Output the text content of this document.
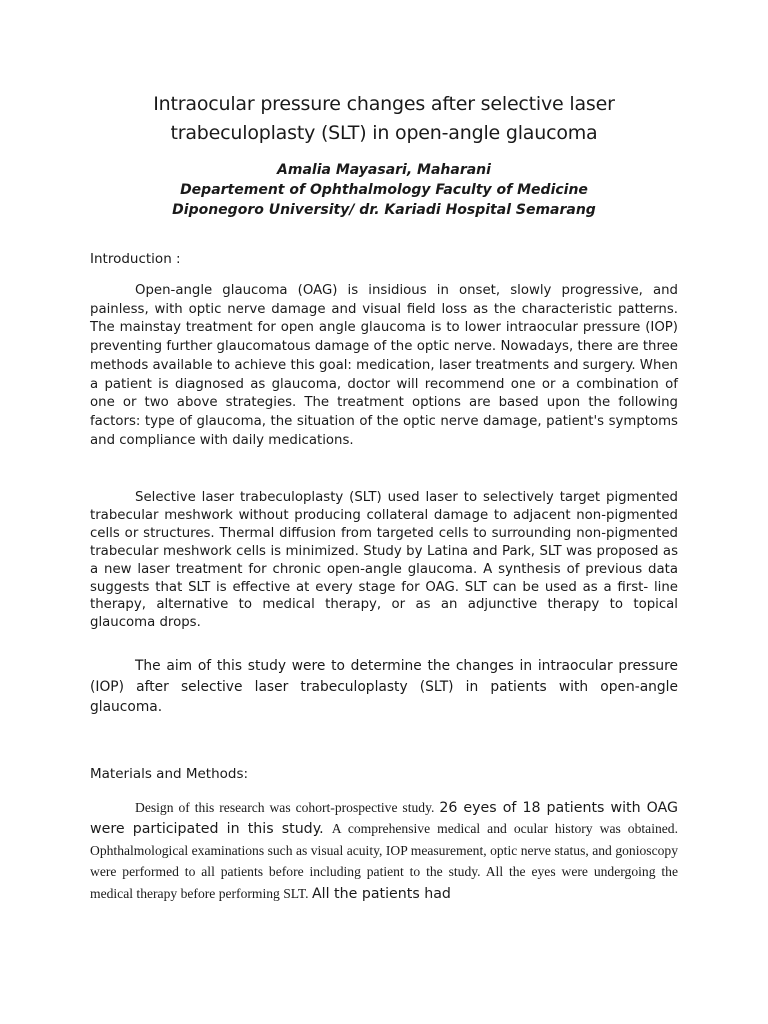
Intraocular pressure changes after selective laser
trabeculoplasty (SLT) in open-angle glaucoma
Amalia Mayasari, Maharani
Departement of Ophthalmology Faculty of Medicine
Diponegoro University/ dr. Kariadi Hospital Semarang
Introduction :

Open-angle glaucoma (OAG) is insidious in onset, slowly progressive, and painless, with optic nerve damage and visual field loss as the characteristic patterns. The mainstay treatment for open angle glaucoma is to lower intraocular pressure (IOP) preventing further glaucomatous damage of the optic nerve. Nowadays, there are three methods available to achieve this goal: medication, laser treatments and surgery. When a patient is diagnosed as glaucoma, doctor will recommend one or a combination of one or two above strategies. The treatment options are based upon the following factors: type of glaucoma, the situation of the optic nerve damage, patient's symptoms and compliance with daily medications.

Selective laser trabeculoplasty (SLT) used laser to selectively target pigmented trabecular meshwork without producing collateral damage to adjacent non-pigmented cells or structures. Thermal diffusion from targeted cells to surrounding non-pigmented trabecular meshwork cells is minimized. Study by Latina and Park, SLT was proposed as a new laser treatment for chronic open-angle glaucoma. A synthesis of previous data suggests that SLT is effective at every stage for OAG. SLT can be used as a first- line therapy, alternative to medical therapy, or as an adjunctive therapy to topical glaucoma drops.

The aim of this study were to determine the changes in intraocular pressure (IOP) after selective laser trabeculoplasty (SLT) in patients with open-angle glaucoma.

Materials and Methods:

Design of this research was cohort-prospective study. 26 eyes of 18 patients with OAG were participated in this study. A comprehensive medical and ocular history was obtained. Ophthalmological examinations such as visual acuity, IOP measurement, optic nerve status, and gonioscopy were performed to all patients before including patient to the study. All the eyes were undergoing the medical therapy before performing SLT. All the patients had
